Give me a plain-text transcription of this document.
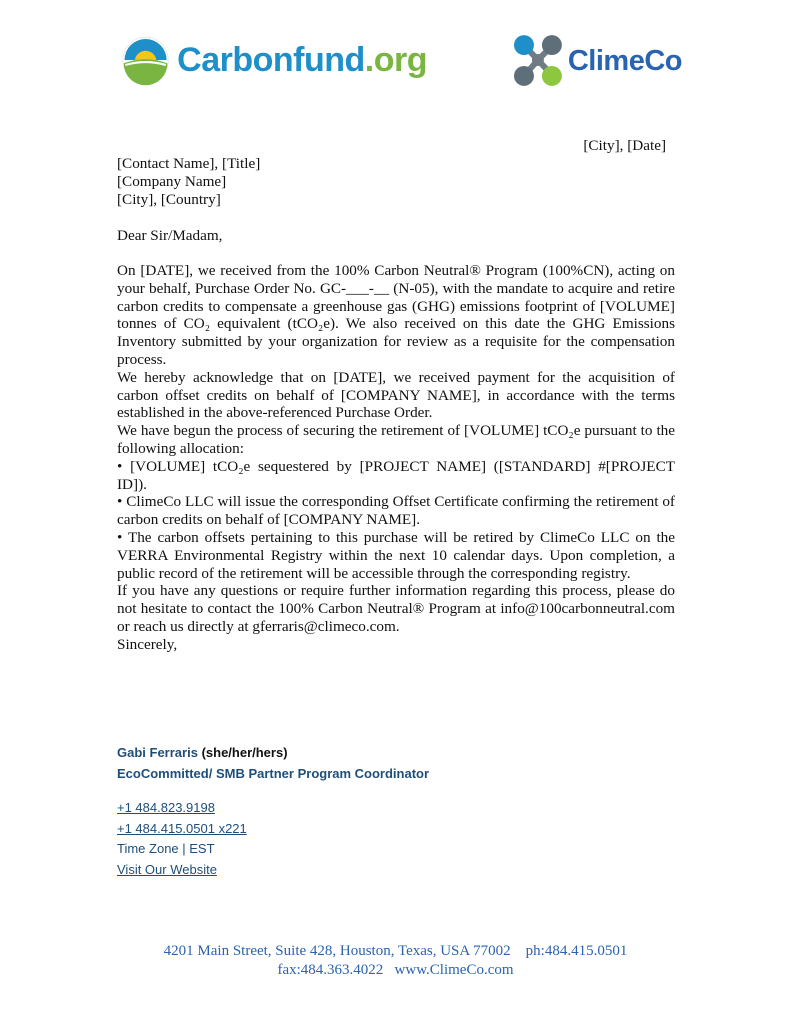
Carbonfund.org	ClimeCo
[City], [Date]
[Contact Name], [Title]
[Company Name]
[City], [Country]
Dear Sir/Madam,

On [DATE], we received from the 100% Carbon Neutral® Program (100%CN), acting on your behalf, Purchase Order No. GC-___-__ (N-05), with the mandate to acquire and retire carbon credits to compensate a greenhouse gas (GHG) emissions footprint of [VOLUME] tonnes of CO₂ equivalent (tCO₂e). We also received on this date the GHG Emissions Inventory submitted by your organization for review as a requisite for the compensation process.

We hereby acknowledge that on [DATE], we received payment for the acquisition of carbon offset credits on behalf of [COMPANY NAME], in accordance with the terms established in the above-referenced Purchase Order.

We have begun the process of securing the retirement of [VOLUME] tCO₂e pursuant to the following allocation:

• [VOLUME] tCO₂e sequestered by [PROJECT NAME] ([STANDARD] #[PROJECT ID]).

• ClimeCo LLC will issue the corresponding Offset Certificate confirming the retirement of carbon credits on behalf of [COMPANY NAME].

• The carbon offsets pertaining to this purchase will be retired by ClimeCo LLC on the VERRA Environmental Registry within the next 10 calendar days. Upon completion, a public record of the retirement will be accessible through the corresponding registry.

If you have any questions or require further information regarding this process, please do not hesitate to contact the 100% Carbon Neutral® Program at info@100carbonneutral.com or reach us directly at gferraris@climeco.com.

Sincerely,

Gabi Ferraris (she/her/hers)
EcoCommitted/ SMB Partner Program Coordinator
+1 484.823.9198
+1 484.415.0501 x221
Time Zone | EST
Visit Our Website
4201 Main Street, Suite 428, Houston, Texas, USA 77002    ph:484.415.0501
fax:484.363.4022   www.ClimeCo.com
